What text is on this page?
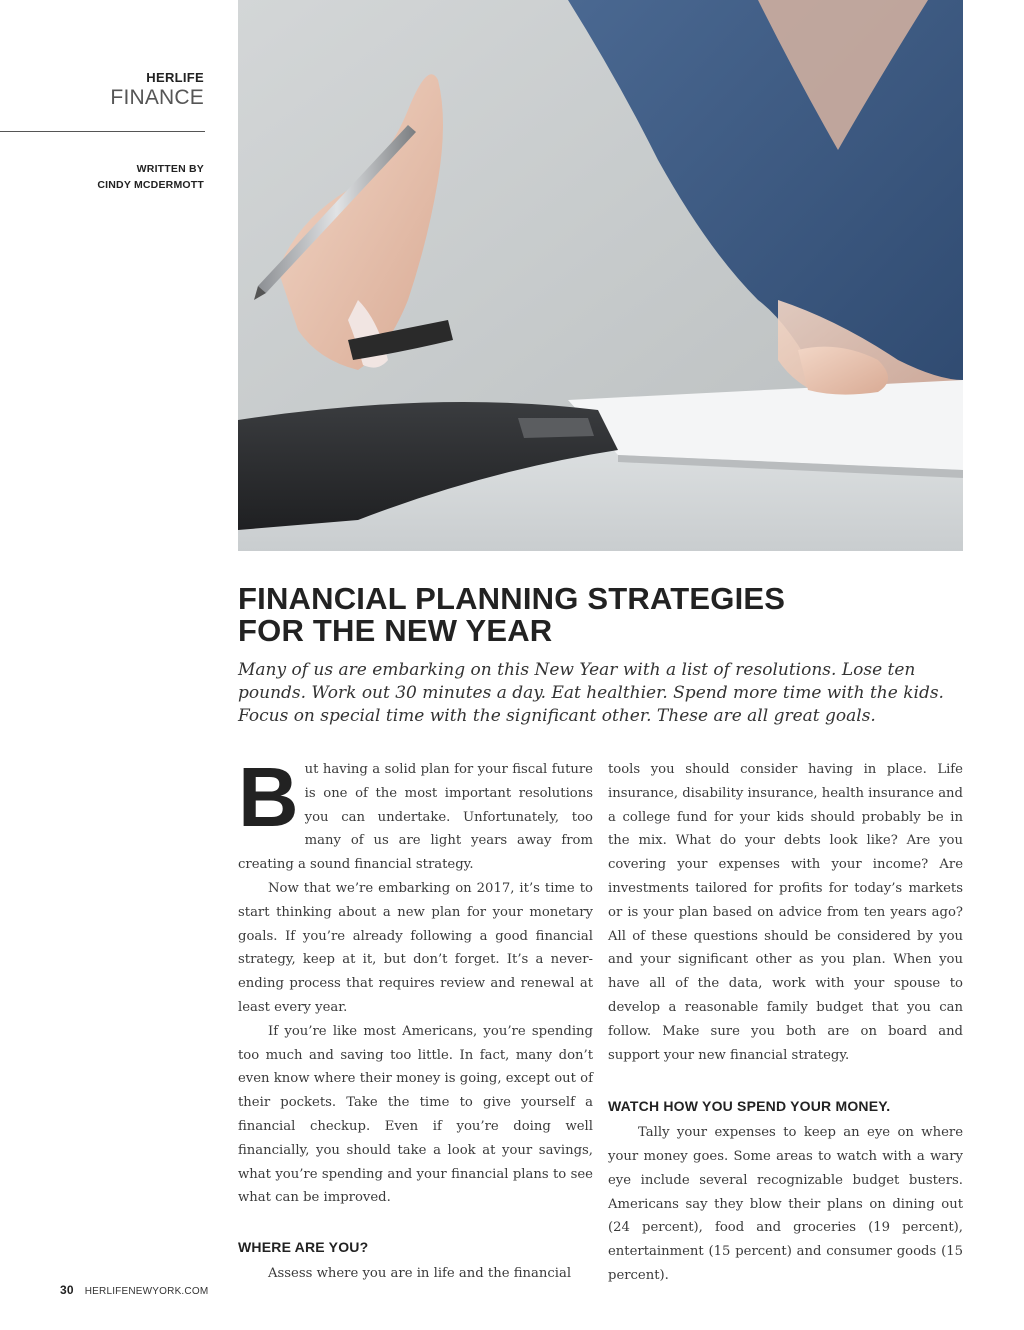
HERLIFE
FINANCE
WRITTEN BY
CINDY MCDERMOTT
FINANCIAL PLANNING STRATEGIES
FOR THE NEW YEAR

Many of us are embarking on this New Year with a list of resolutions. Lose ten pounds. Work out 30 minutes a day. Eat healthier. Spend more time with the kids. Focus on special time with the significant other. These are all great goals.

But having a solid plan for your fiscal future is one of the most important resolutions you can undertake. Unfortunately, too many of us are light years away from creating a sound financial strategy.

Now that we’re embarking on 2017, it’s time to start thinking about a new plan for your monetary goals. If you’re already following a good financial strategy, keep at it, but don’t forget. It’s a never-ending process that requires review and renewal at least every year.

If you’re like most Americans, you’re spending too much and saving too little. In fact, many don’t even know where their money is going, except out of their pockets. Take the time to give yourself a financial checkup. Even if you’re doing well financially, you should take a look at your savings, what you’re spending and your financial plans to see what can be improved.

WHERE ARE YOU?

Assess where you are in life and the financial

tools you should consider having in place. Life insurance, disability insurance, health insurance and a college fund for your kids should probably be in the mix. What do your debts look like? Are you covering your expenses with your income? Are investments tailored for profits for today’s markets or is your plan based on advice from ten years ago? All of these questions should be considered by you and your significant other as you plan. When you have all of the data, work with your spouse to develop a reasonable family budget that you can follow. Make sure you both are on board and support your new financial strategy.

WATCH HOW YOU SPEND YOUR MONEY.

Tally your expenses to keep an eye on where your money goes. Some areas to watch with a wary eye include several recognizable budget busters. Americans say they blow their plans on dining out (24 percent), food and groceries (19 percent), entertainment (15 percent) and consumer goods (15 percent).

30 HERLIFENEWYORK.COM
